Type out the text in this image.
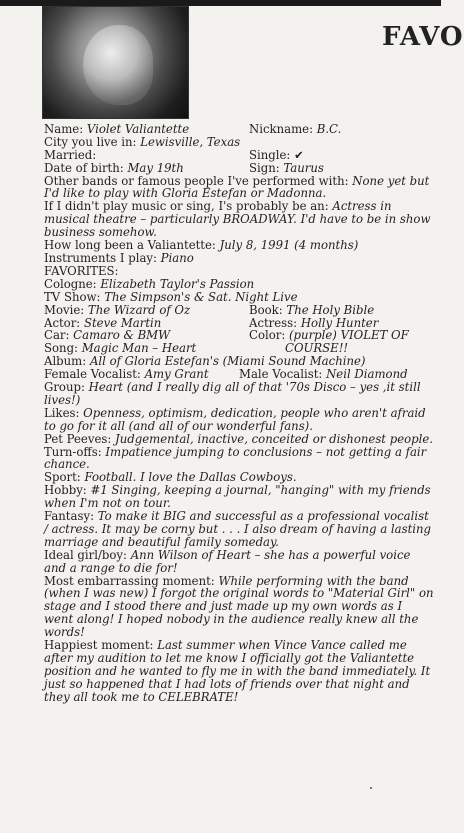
FAVO
Name: Violet Valiantette	Nickname: B.C.
City you live in: Lewisville, Texas
Married:	Single: ✔
Date of birth: May 19th	Sign: Taurus

Other bands or famous people I've performed with: None yet but I'd like to play with Gloria Estefan or Madonna.

If I didn't play music or sing, I's probably be an: Actress in musical theatre – particularly BROADWAY. I'd have to be in show business somehow.

How long been a Valiantette: July 8, 1991 (4 months)

Instruments I play: Piano

FAVORITES:

Cologne: Elizabeth Taylor's Passion

TV Show: The Simpson's & Sat. Night Live

Movie: The Wizard of Oz	Book: The Holy Bible
Actor: Steve Martin	Actress: Holly Hunter
Car: Camaro & BMW	Color: (purple) VIOLET OF
Song: Magic Man – Heart	COURSE!!

Album: All of Gloria Estefan's (Miami Sound Machine)

Female Vocalist: Amy Grant	Male Vocalist: Neil Diamond

Group: Heart (and I really dig all of that '70s Disco – yes ,it still lives!)

Likes: Openness, optimism, dedication, people who aren't afraid to go for it all (and all of our wonderful fans).

Pet Peeves: Judgemental, inactive, conceited or dishonest people.

Turn-offs: Impatience jumping to conclusions – not getting a fair chance.

Sport: Football. I love the Dallas Cowboys.

Hobby: #1 Singing, keeping a journal, "hanging" with my friends when I'm not on tour.

Fantasy: To make it BIG and successful as a professional vocalist / actress. It may be corny but . . . I also dream of having a lasting marriage and beautiful family someday.

Ideal girl/boy: Ann Wilson of Heart – she has a powerful voice and a range to die for!

Most embarrassing moment: While performing with the band (when I was new) I forgot the original words to "Material Girl" on stage and I stood there and just made up my own words as I went along! I hoped nobody in the audience really knew all the words!

Happiest moment: Last summer when Vince Vance called me after my audition to let me know I officially got the Valiantette position and he wanted to fly me in with the band immediately. It just so happened that I had lots of friends over that night and they all took me to CELEBRATE!
